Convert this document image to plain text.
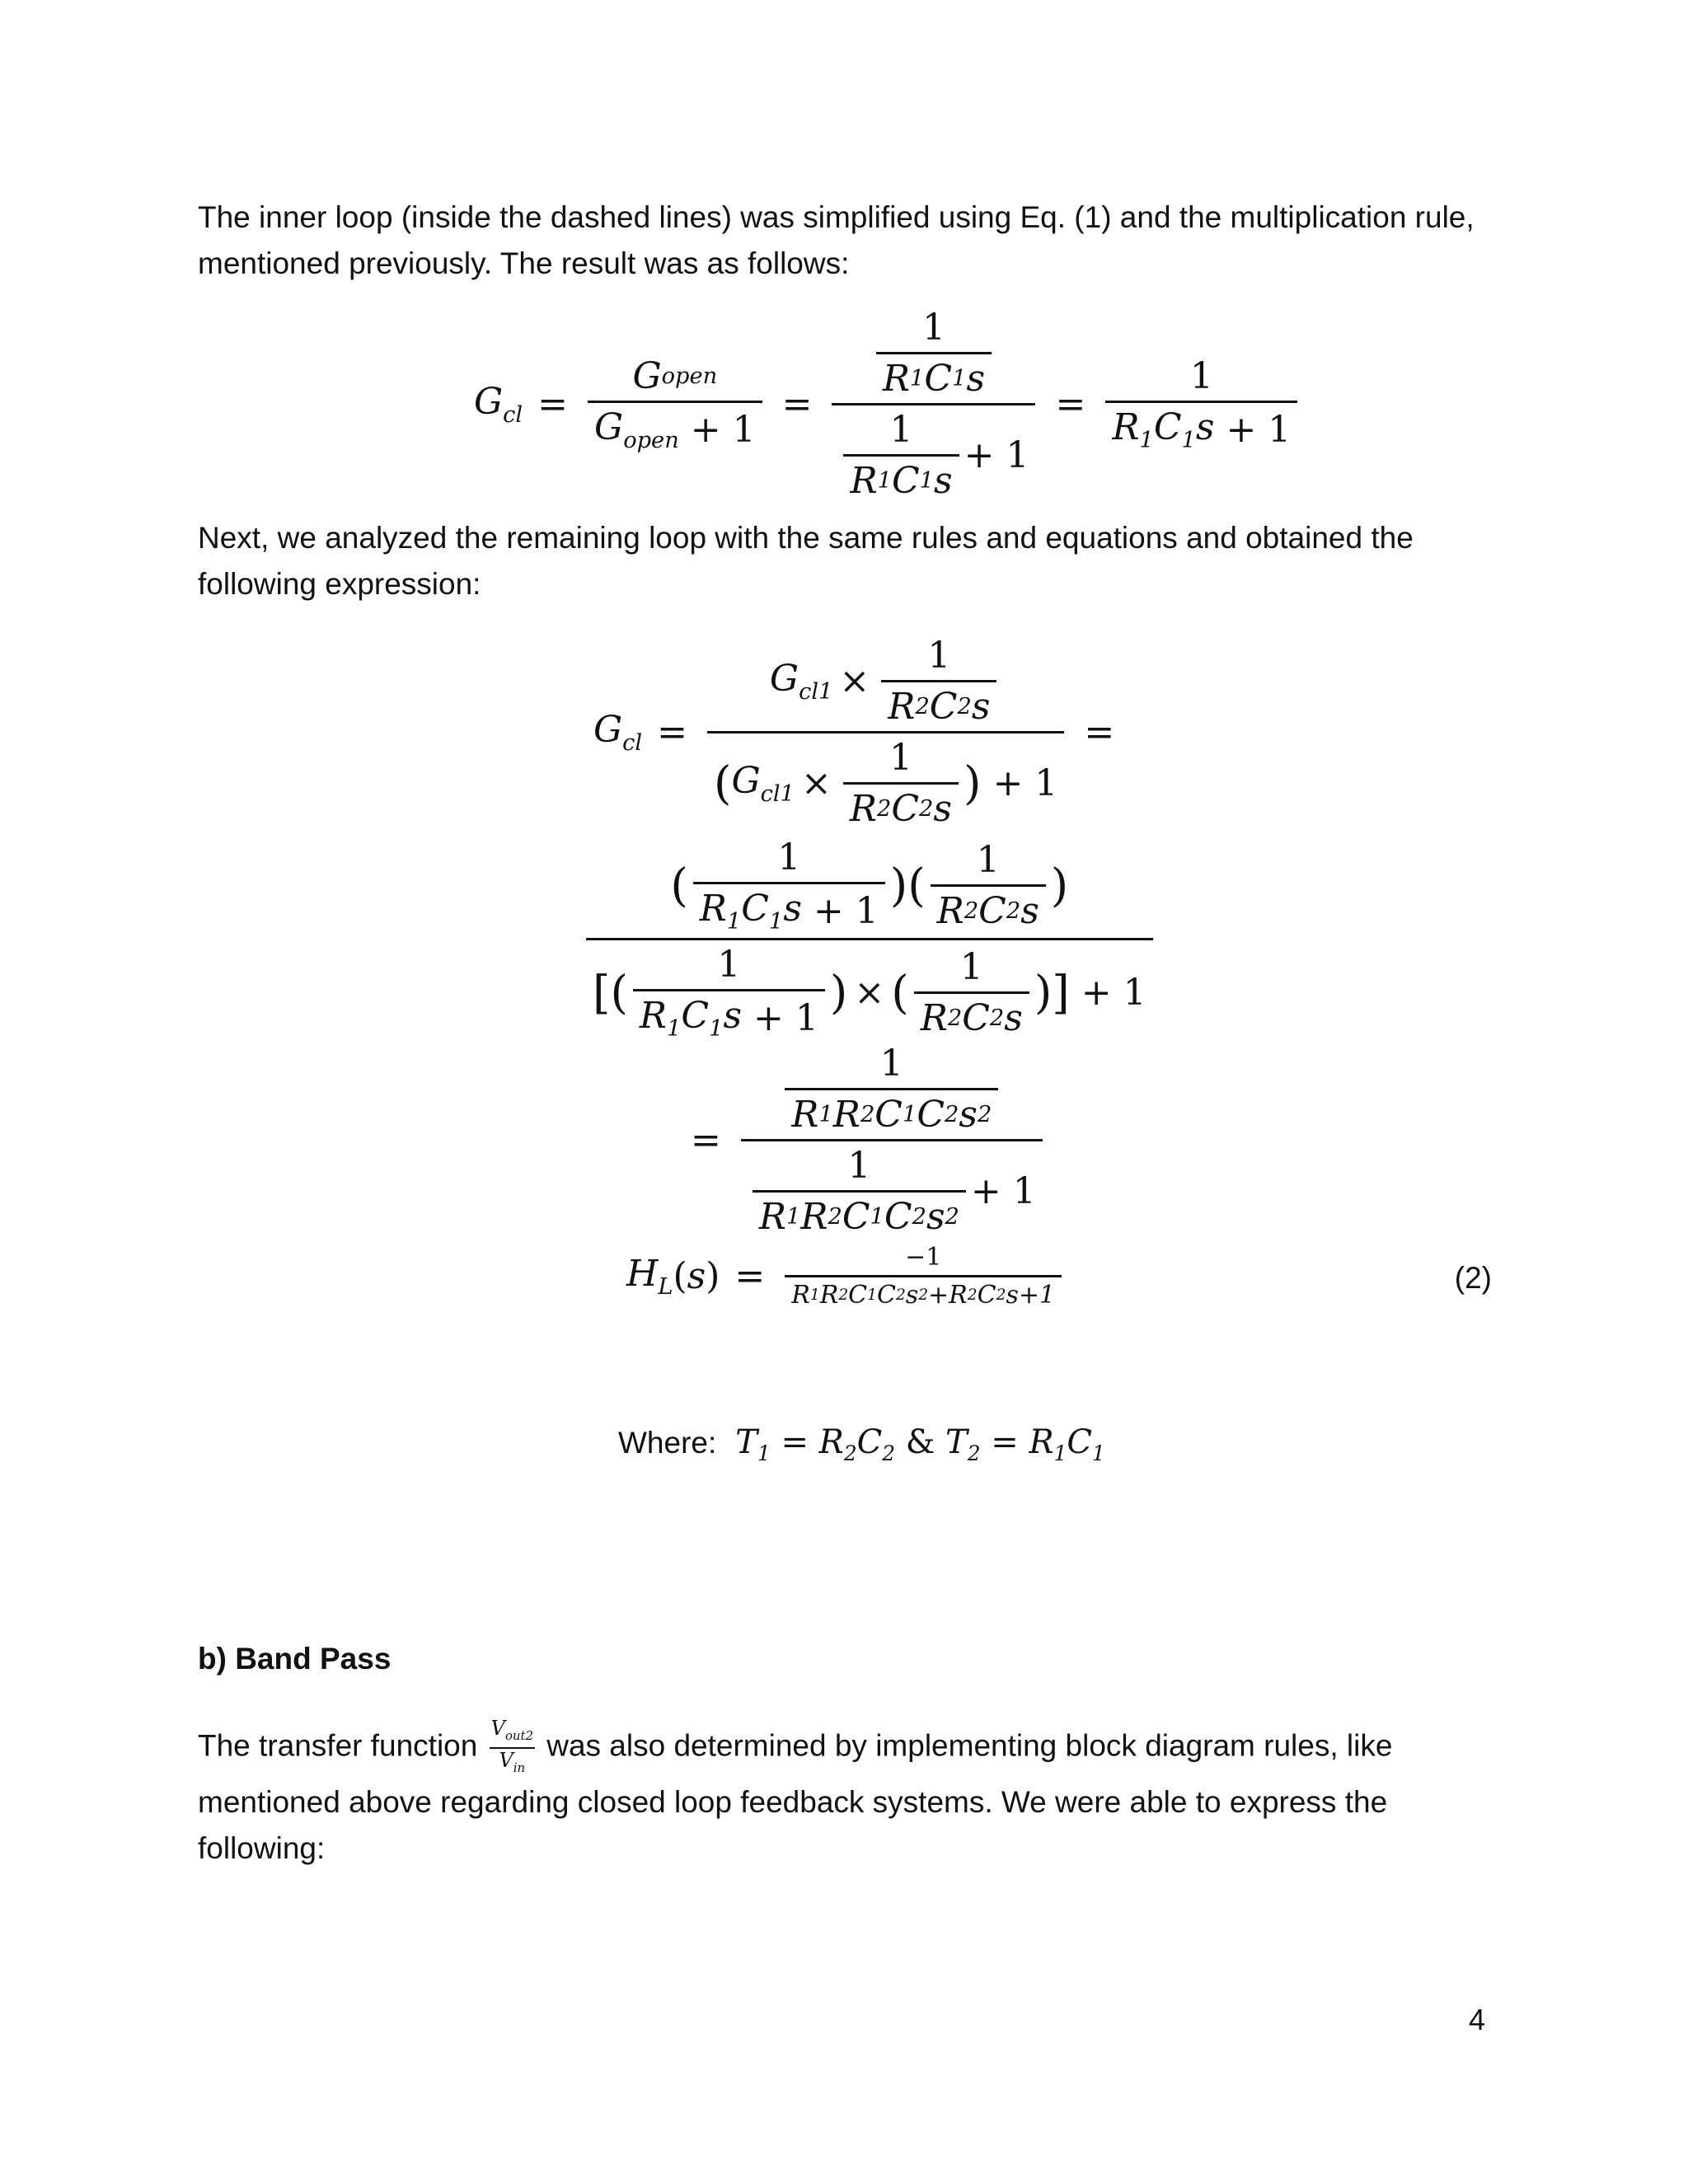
The inner loop (inside the dashed lines) was simplified using Eq. (1) and the multiplication rule,

mentioned previously. The result was as follows:

$G_{cl} = \frac{\text{G open}}{G_{open} + 1} = \frac{\frac{1}{R 1 C 1 s}}{\frac{1}{R 1 C 1 s} + 1} = \frac{1}{R_1C_1s + 1}$

Next, we analyzed the remaining loop with the same rules and equations and obtained the

following expression:

$G_{cl} = \frac{G_{cl1} \times \frac{1}{R 2 C 2 s}}{( G_{cl1} \times \frac{1}{R 2 C 2 s} ) + 1}$ =
$\frac{( \frac{1}{R_1C_1s + 1} )( \frac{1}{R 2 C 2 s} )}{[( \frac{1}{R_1C_1s + 1} ) \times ( \frac{1}{R 2 C 2 s} )] + 1}$
= $\frac{\frac{1}{R 1 R 2 C 1 C 2 s 2}}{\frac{1}{R 1 R 2 C 1 C 2 s 2} + 1}$
$H_L$ ( s ) = $\frac{-1}{R 1 R 2 C 1 C 2 s 2 +R 2 C 2 s+1}$	(2)

Where:  $T_1 = R_2C_2$ & $T_2 = R_1C_1$

b) Band Pass

The transfer function $\frac{V_{out2}}{V_{in}}$ was also determined by implementing block diagram rules, like

mentioned above regarding closed loop feedback systems. We were able to express the

following:

4
